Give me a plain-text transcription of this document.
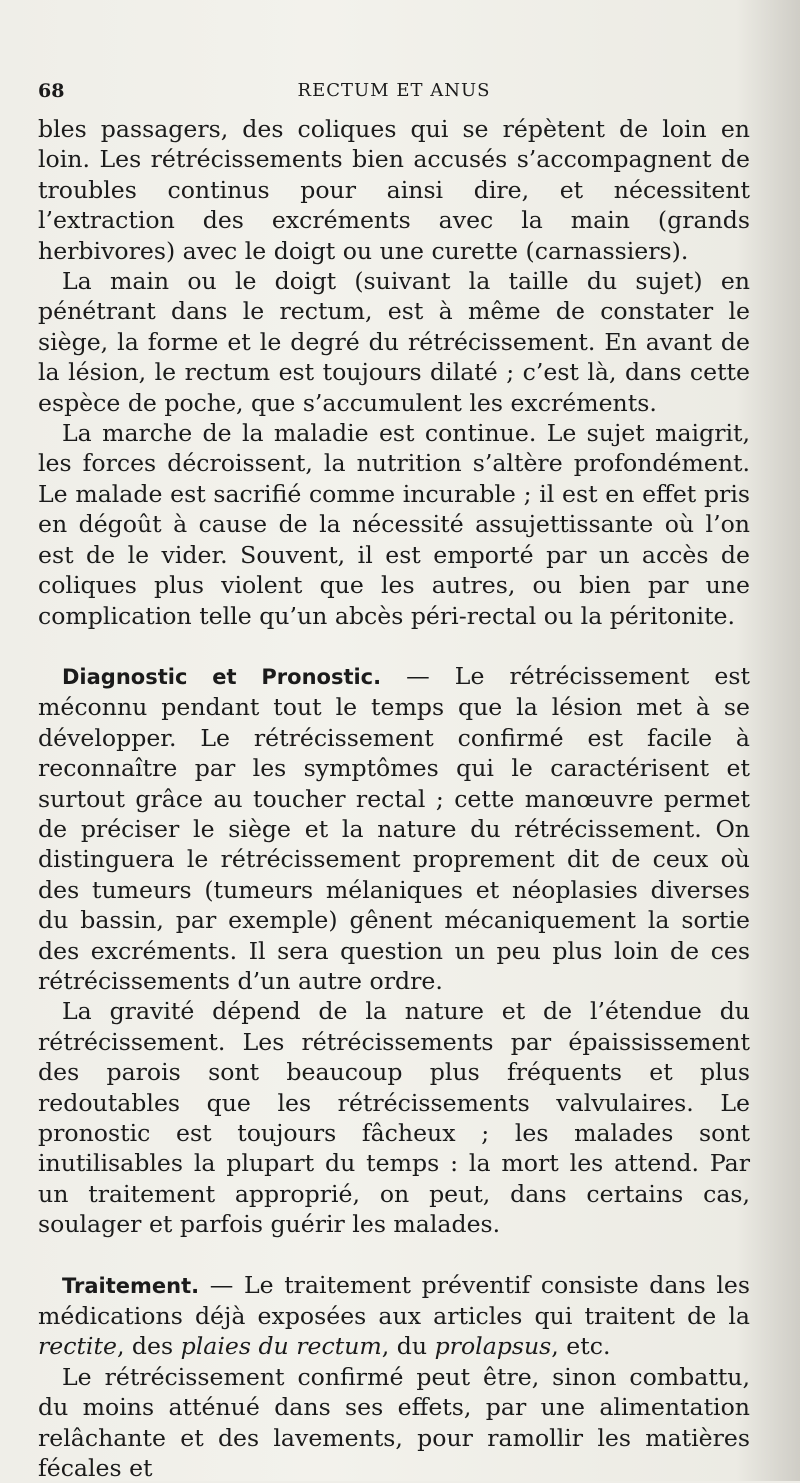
68	RECTUM ET ANUS

bles passagers, des coliques qui se répètent de loin en loin. Les rétrécissements bien accusés s’accompagnent de troubles continus pour ainsi dire, et nécessitent l’extraction des excréments avec la main (grands herbivores) avec le doigt ou une curette (carnassiers).

La main ou le doigt (suivant la taille du sujet) en pénétrant dans le rectum, est à même de constater le siège, la forme et le degré du rétrécissement. En avant de la lésion, le rectum est toujours dilaté ; c’est là, dans cette espèce de poche, que s’accumulent les excréments.

La marche de la maladie est continue. Le sujet maigrit, les forces décroissent, la nutrition s’altère profondément. Le malade est sacrifié comme incurable ; il est en effet pris en dégoût à cause de la nécessité assujettissante où l’on est de le vider. Souvent, il est emporté par un accès de coliques plus violent que les autres, ou bien par une complication telle qu’un abcès péri-rectal ou la péritonite.

Diagnostic et Pronostic. — Le rétrécissement est méconnu pendant tout le temps que la lésion met à se développer. Le rétrécissement confirmé est facile à reconnaître par les symptômes qui le caractérisent et surtout grâce au toucher rectal ; cette manœuvre permet de préciser le siège et la nature du rétrécissement. On distinguera le rétrécissement proprement dit de ceux où des tumeurs (tumeurs mélaniques et néoplasies diverses du bassin, par exemple) gênent mécaniquement la sortie des excréments. Il sera question un peu plus loin de ces rétrécissements d’un autre ordre.

La gravité dépend de la nature et de l’étendue du rétrécissement. Les rétrécissements par épaississement des parois sont beaucoup plus fréquents et plus redoutables que les rétrécissements valvulaires. Le pronostic est toujours fâcheux ; les malades sont inutilisables la plupart du temps : la mort les attend. Par un traitement approprié, on peut, dans certains cas, soulager et parfois guérir les malades.

Traitement. — Le traitement préventif consiste dans les médications déjà exposées aux articles qui traitent de la rectite, des plaies du rectum, du prolapsus, etc.

Le rétrécissement confirmé peut être, sinon combattu, du moins atténué dans ses effets, par une alimentation relâchante et des lavements, pour ramollir les matières fécales et
